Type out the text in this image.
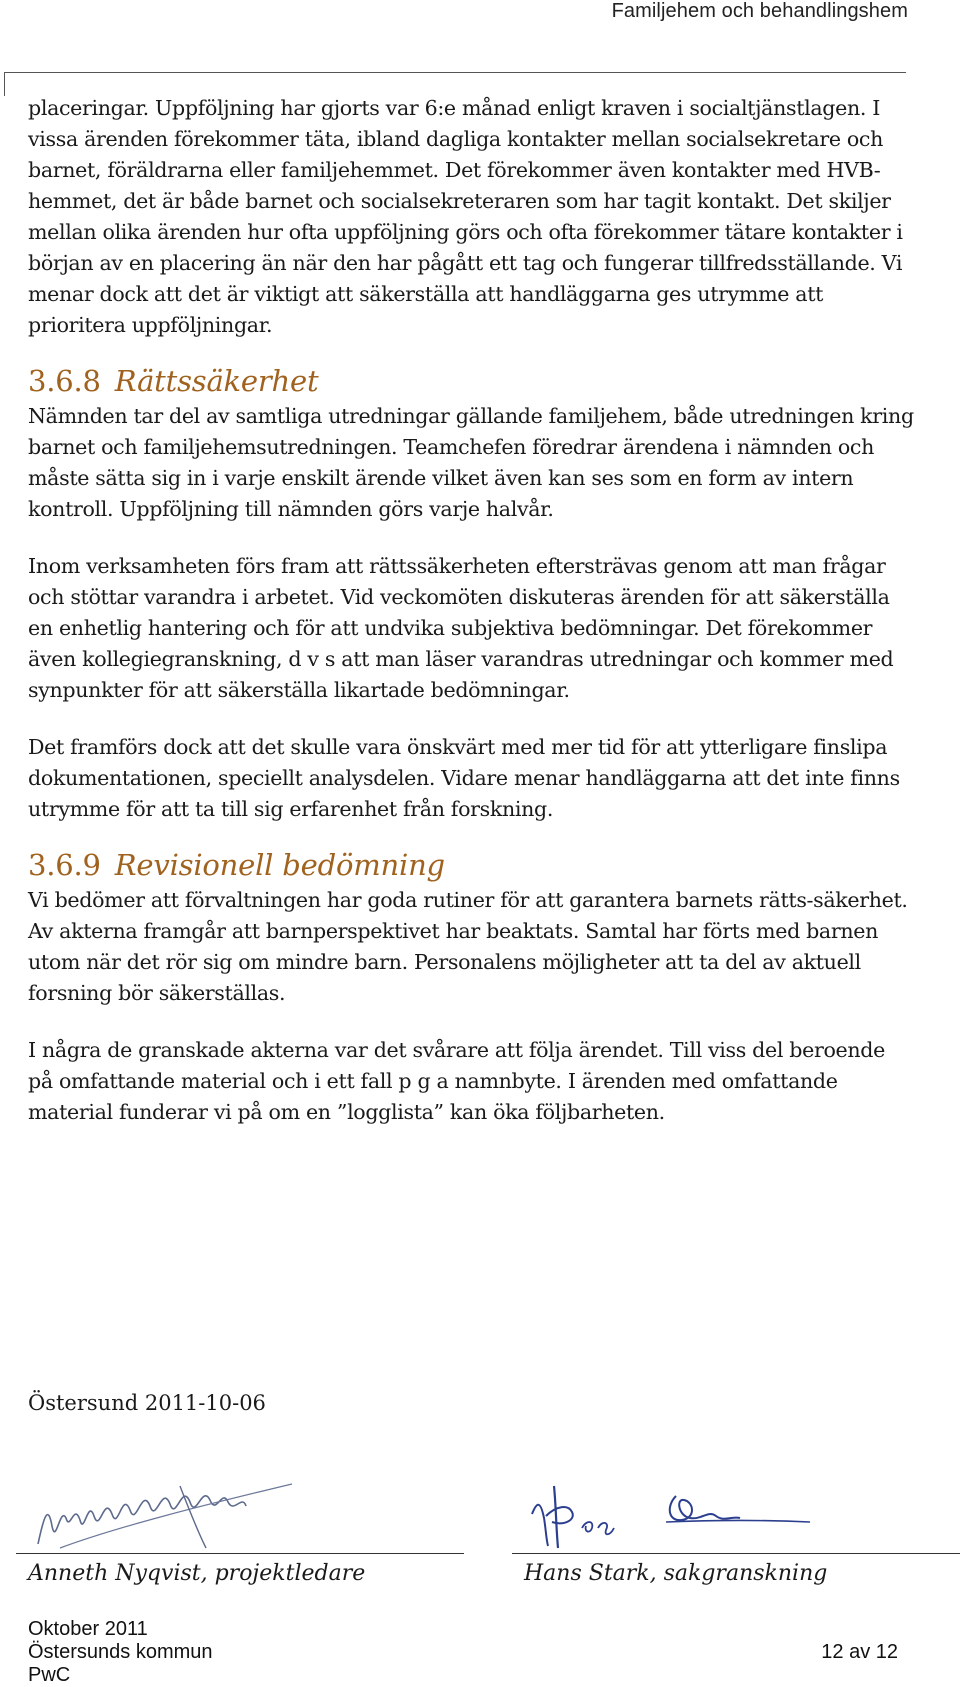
Familjehem och behandlingshem

placeringar. Uppföljning har gjorts var 6:e månad enligt kraven i socialtjänstlagen. I vissa ärenden förekommer täta, ibland dagliga kontakter mellan socialsekretare och barnet, föräldrarna eller familjehemmet. Det förekommer även kontakter med HVB-hemmet, det är både barnet och socialsekreteraren som har tagit kontakt. Det skiljer mellan olika ärenden hur ofta uppföljning görs och ofta förekommer tätare kontakter i början av en placering än när den har pågått ett tag och fungerar tillfredsställande. Vi menar dock att det är viktigt att säkerställa att handläggarna ges utrymme att prioritera uppföljningar.

3.6.8 Rättssäkerhet

Nämnden tar del av samtliga utredningar gällande familjehem, både utredningen kring barnet och familjehemsutredningen. Teamchefen föredrar ärendena i nämnden och måste sätta sig in i varje enskilt ärende vilket även kan ses som en form av intern kontroll. Uppföljning till nämnden görs varje halvår.

Inom verksamheten förs fram att rättssäkerheten eftersträvas genom att man frågar och stöttar varandra i arbetet. Vid veckomöten diskuteras ärenden för att säkerställa en enhetlig hantering och för att undvika subjektiva bedömningar. Det förekommer även kollegiegranskning, d v s att man läser varandras utredningar och kommer med synpunkter för att säkerställa likartade bedömningar.

Det framförs dock att det skulle vara önskvärt med mer tid för att ytterligare finslipa dokumentationen, speciellt analysdelen. Vidare menar handläggarna att det inte finns utrymme för att ta till sig erfarenhet från forskning.

3.6.9 Revisionell bedömning

Vi bedömer att förvaltningen har goda rutiner för att garantera barnets rätts-säkerhet. Av akterna framgår att barnperspektivet har beaktats. Samtal har förts med barnen utom när det rör sig om mindre barn. Personalens möjligheter att ta del av aktuell forsning bör säkerställas.

I några de granskade akterna var det svårare att följa ärendet. Till viss del beroende på omfattande material och i ett fall p g a namnbyte. I ärenden med omfattande material funderar vi på om en ”logglista” kan öka följbarheten.

Östersund 2011-10-06
Anneth Nyqvist, projektledare	Hans Stark, sakgranskning
Oktober 2011
Östersunds kommun
PwC
12 av 12
